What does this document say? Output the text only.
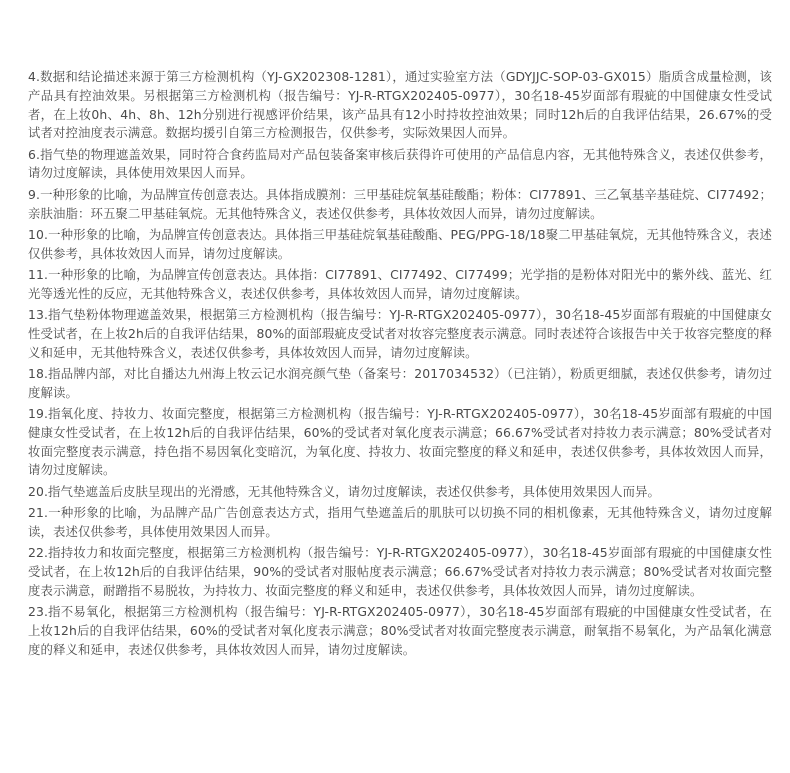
4.数据和结论描述来源于第三方检测机构（YJ-GX202308-1281），通过实验室方法（GDYJJC-SOP-03-GX015）脂质含成量检测，该产品具有控油效果。另根据第三方检测机构（报告编号：YJ-R-RTGX202405-0977），30名18-45岁面部有瑕疵的中国健康女性受试者，在上妆0h、4h、8h、12h分别进行视感评价结果，该产品具有12小时持妆控油效果；同时12h后的自我评估结果，26.67%的受试者对控油度表示满意。数据均援引自第三方检测报告，仅供参考，实际效果因人而异。

6.指气垫的物理遮盖效果，同时符合食药监局对产品包装备案审核后获得许可使用的产品信息内容，无其他特殊含义，表述仅供参考，请勿过度解读，具体使用效果因人而异。

9.一种形象的比喻，为品牌宣传创意表达。具体指成膜剂：三甲基硅烷氧基硅酸酯；粉体：CI77891、三乙氧基辛基硅烷、CI77492；亲肤油脂：环五聚二甲基硅氧烷。无其他特殊含义，表述仅供参考，具体妆效因人而异，请勿过度解读。

10.一种形象的比喻，为品牌宣传创意表达。具体指三甲基硅烷氧基硅酸酯、PEG/PPG-18/18聚二甲基硅氧烷，无其他特殊含义，表述仅供参考，具体妆效因人而异，请勿过度解读。

11.一种形象的比喻，为品牌宣传创意表达。具体指：CI77891、CI77492、CI77499；光学指的是粉体对阳光中的紫外线、蓝光、红光等透光性的反应，无其他特殊含义，表述仅供参考，具体妆效因人而异，请勿过度解读。

13.指气垫粉体物理遮盖效果，根据第三方检测机构（报告编号：YJ-R-RTGX202405-0977），30名18-45岁面部有瑕疵的中国健康女性受试者，在上妆2h后的自我评估结果，80%的面部瑕疵皮受试者对妆容完整度表示满意。同时表述符合该报告中关于妆容完整度的释义和延申，无其他特殊含义，表述仅供参考，具体妆效因人而异，请勿过度解读。

18.指品牌内部，对比自播达九州海上牧云记水润亮颜气垫（备案号：2017034532）（已注销），粉质更细腻，表述仅供参考，请勿过度解读。

19.指氧化度、持妆力、妆面完整度，根据第三方检测机构（报告编号：YJ-R-RTGX202405-0977），30名18-45岁面部有瑕疵的中国健康女性受试者，在上妆12h后的自我评估结果，60%的受试者对氧化度表示满意；66.67%受试者对持妆力表示满意；80%受试者对妆面完整度表示满意，持色指不易因氧化变暗沉，为氧化度、持妆力、妆面完整度的释义和延申，表述仅供参考，具体妆效因人而异，请勿过度解读。

20.指气垫遮盖后皮肤呈现出的光滑感，无其他特殊含义，请勿过度解读，表述仅供参考，具体使用效果因人而异。

21.一种形象的比喻，为品牌产品广告创意表达方式，指用气垫遮盖后的肌肤可以切换不同的相机像素，无其他特殊含义，请勿过度解读，表述仅供参考，具体使用效果因人而异。

22.指持妆力和妆面完整度，根据第三方检测机构（报告编号：YJ-R-RTGX202405-0977），30名18-45岁面部有瑕疵的中国健康女性受试者，在上妆12h后的自我评估结果，90%的受试者对服帖度表示满意；66.67%受试者对持妆力表示满意；80%受试者对妆面完整度表示满意，耐蹭指不易脱妆，为持妆力、妆面完整度的释义和延申，表述仅供参考，具体妆效因人而异，请勿过度解读。

23.指不易氧化，根据第三方检测机构（报告编号：YJ-R-RTGX202405-0977），30名18-45岁面部有瑕疵的中国健康女性受试者，在上妆12h后的自我评估结果，60%的受试者对氧化度表示满意；80%受试者对妆面完整度表示满意，耐氧指不易氧化，为产品氧化满意度的释义和延申，表述仅供参考，具体妆效因人而异，请勿过度解读。
